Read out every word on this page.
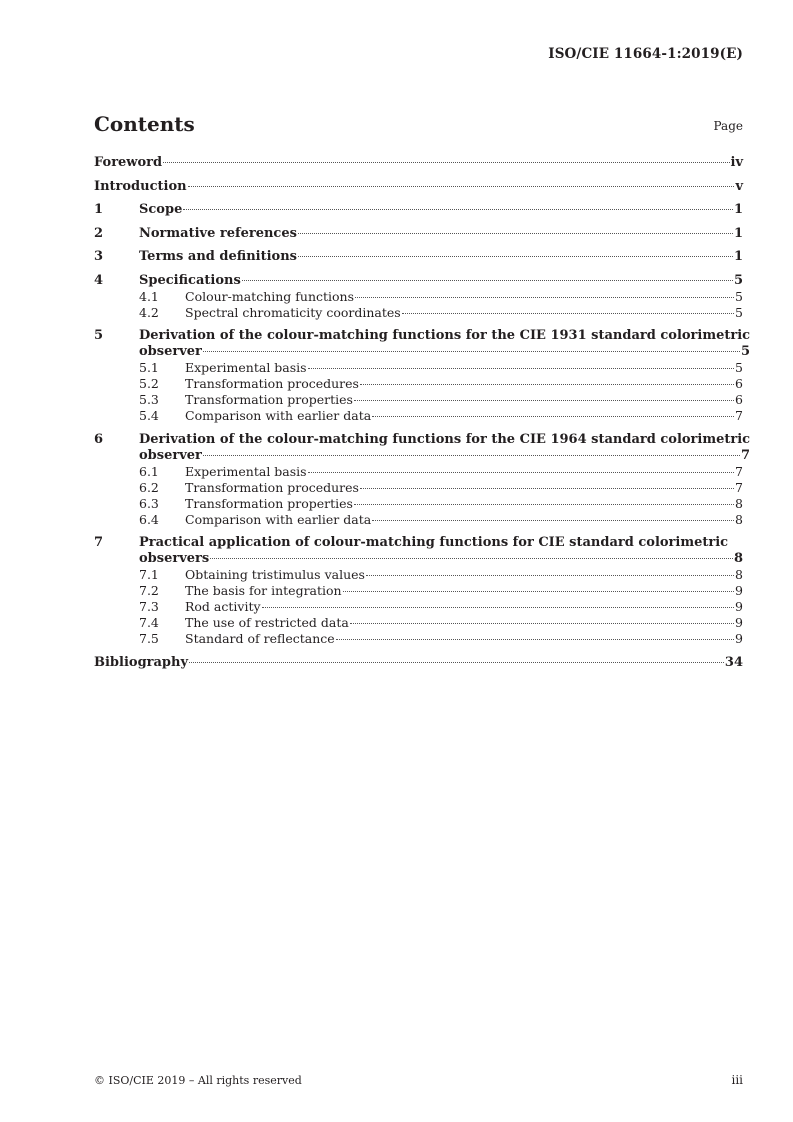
ISO/CIE 11664-1:2019(E)
Contents	Page
Foreword	iv
Introduction	v
1	Scope	1
2	Normative references	1
3	Terms and definitions	1
4	Specifications	5
4.1	Colour-matching functions	5
4.2	Spectral chromaticity coordinates	5
5	Derivation of the colour-matching functions for the CIE 1931 standard colorimetric
observer	5
5.1	Experimental basis	5
5.2	Transformation procedures	6
5.3	Transformation properties	6
5.4	Comparison with earlier data	7
6	Derivation of the colour-matching functions for the CIE 1964 standard colorimetric
observer	7
6.1	Experimental basis	7
6.2	Transformation procedures	7
6.3	Transformation properties	8
6.4	Comparison with earlier data	8
7	Practical application of colour-matching functions for CIE standard colorimetric
observers	8
7.1	Obtaining tristimulus values	8
7.2	The basis for integration	9
7.3	Rod activity	9
7.4	The use of restricted data	9
7.5	Standard of reflectance	9
Bibliography	34
© ISO/CIE 2019 – All rights reserved	iii
